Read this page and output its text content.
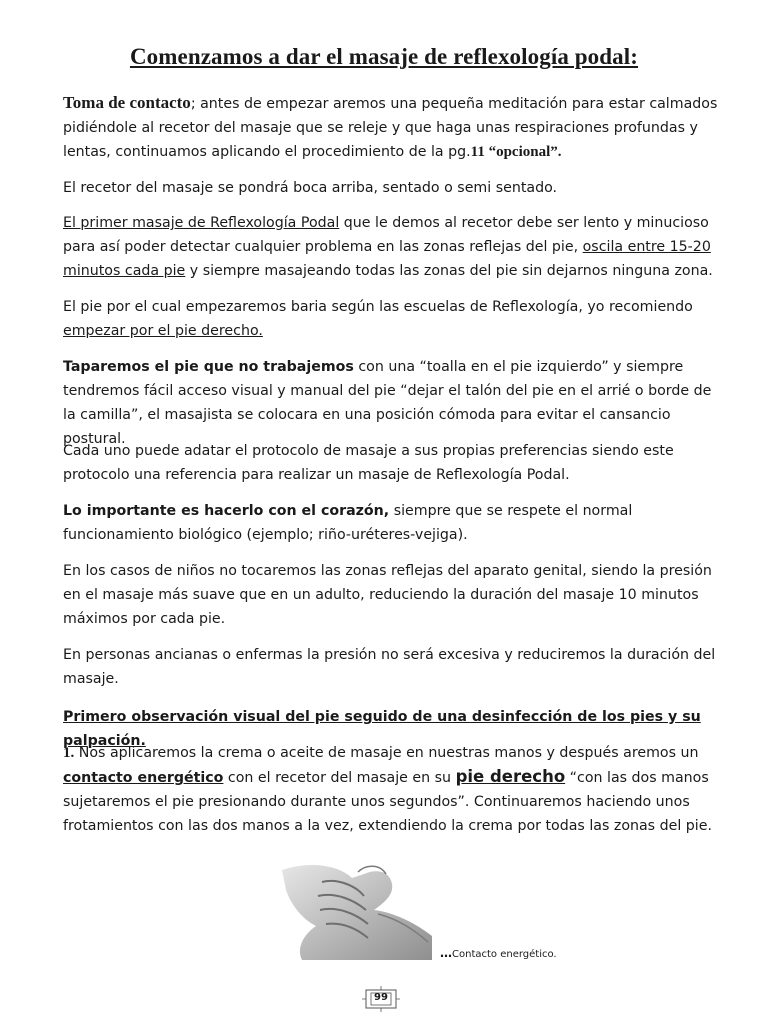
Comenzamos a dar el masaje de reflexología podal:
Toma de contacto; antes de empezar aremos una pequeña meditación para estar calmados pidiéndole al recetor del masaje que se releje y que haga unas respiraciones profundas y lentas, continuamos aplicando el procedimiento de la pg.11 “opcional”.
El recetor del masaje se pondrá boca arriba, sentado o semi sentado.
El primer masaje de Reflexología Podal que le demos al recetor debe ser lento y minucioso para así poder detectar cualquier problema en las zonas reflejas del pie, oscila entre 15-20 minutos cada pie y siempre masajeando todas las zonas del pie sin dejarnos ninguna zona.
El pie por el cual empezaremos baria según las escuelas de Reflexología, yo recomiendo empezar por el pie derecho.
Taparemos el pie que no trabajemos con una “toalla en el pie izquierdo” y siempre tendremos fácil acceso visual y manual del pie “dejar el talón del pie en el arrié o borde de la camilla”, el masajista se colocara en una posición cómoda para evitar el cansancio postural.
Cada uno puede adatar el protocolo de masaje a sus propias preferencias siendo este protocolo una referencia para realizar un masaje de Reflexología Podal.
Lo importante es hacerlo con el corazón, siempre que se respete el normal funcionamiento biológico (ejemplo; riño-uréteres-vejiga).
En los casos de niños no tocaremos las zonas reflejas del aparato genital, siendo la presión en el masaje más suave que en un adulto, reduciendo la duración del masaje 10 minutos máximos por cada pie.
En personas ancianas o enfermas la presión no será excesiva y reduciremos la duración del masaje.
Primero observación visual del pie seguido de una desinfección de los pies y su palpación.
1. Nos aplicaremos la crema o aceite de masaje en nuestras manos y después aremos un contacto energético con el recetor del masaje en su pie derecho “con las dos manos sujetaremos el pie presionando durante unos segundos”. Continuaremos haciendo unos frotamientos con las dos manos a la vez, extendiendo la crema por todas las zonas del pie.
…Contacto energético.
99
